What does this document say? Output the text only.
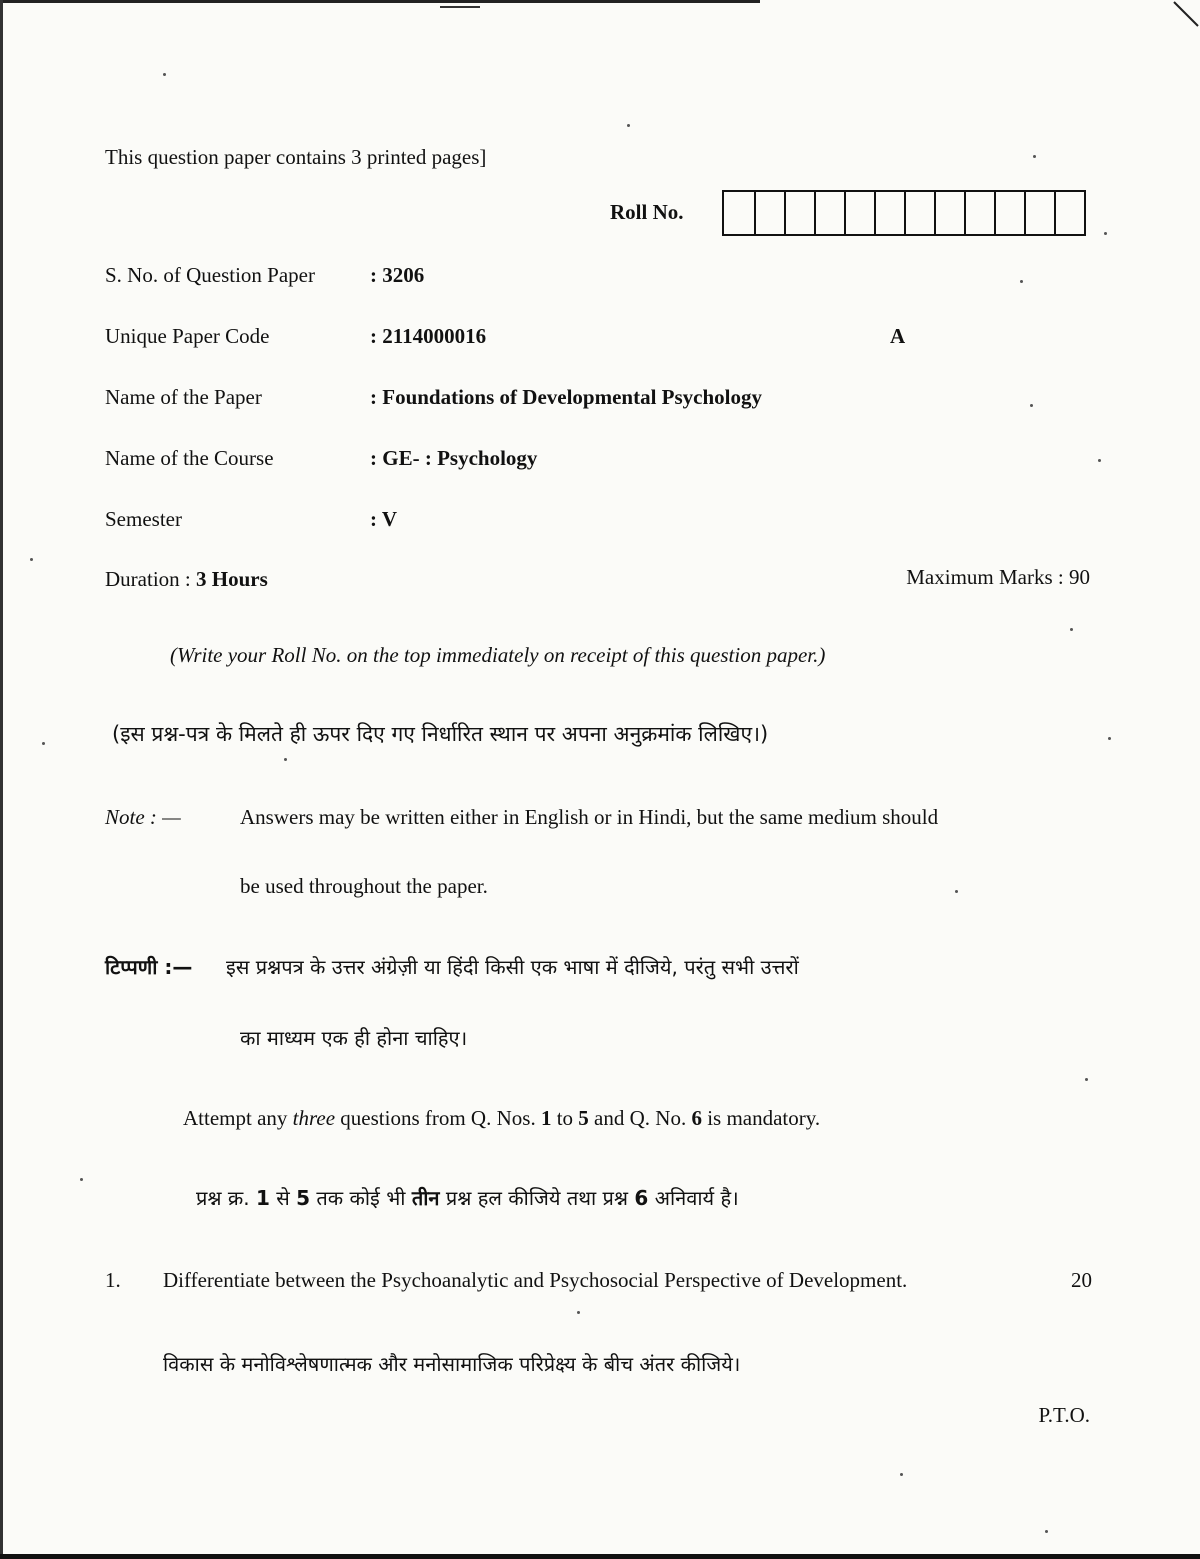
This question paper contains 3 printed pages]
Roll No.
S. No. of Question Paper	: 3206
Unique Paper Code	: 2114000016	A
Name of the Paper	: Foundations of Developmental Psychology
Name of the Course	: GE- : Psychology
Semester	: V
Duration : 3 Hours	Maximum Marks : 90
(Write your Roll No. on the top immediately on receipt of this question paper.)
(इस प्रश्न-पत्र के मिलते ही ऊपर दिए गए निर्धारित स्थान पर अपना अनुक्रमांक लिखिए।)
Note : —	Answers may be written either in English or in Hindi, but the same medium should
be used throughout the paper.
टिप्पणी :— इस प्रश्नपत्र के उत्तर अंग्रेज़ी या हिंदी किसी एक भाषा में दीजिये, परंतु सभी उत्तरों
का माध्यम एक ही होना चाहिए।
Attempt any three questions from Q. Nos. 1 to 5 and Q. No. 6 is mandatory.
प्रश्न क्र. 1 से 5 तक कोई भी तीन प्रश्न हल कीजिये तथा प्रश्न 6 अनिवार्य है।
1. Differentiate between the Psychoanalytic and Psychosocial Perspective of Development.	20
विकास के मनोविश्लेषणात्मक और मनोसामाजिक परिप्रेक्ष्य के बीच अंतर कीजिये।
P.T.O.
